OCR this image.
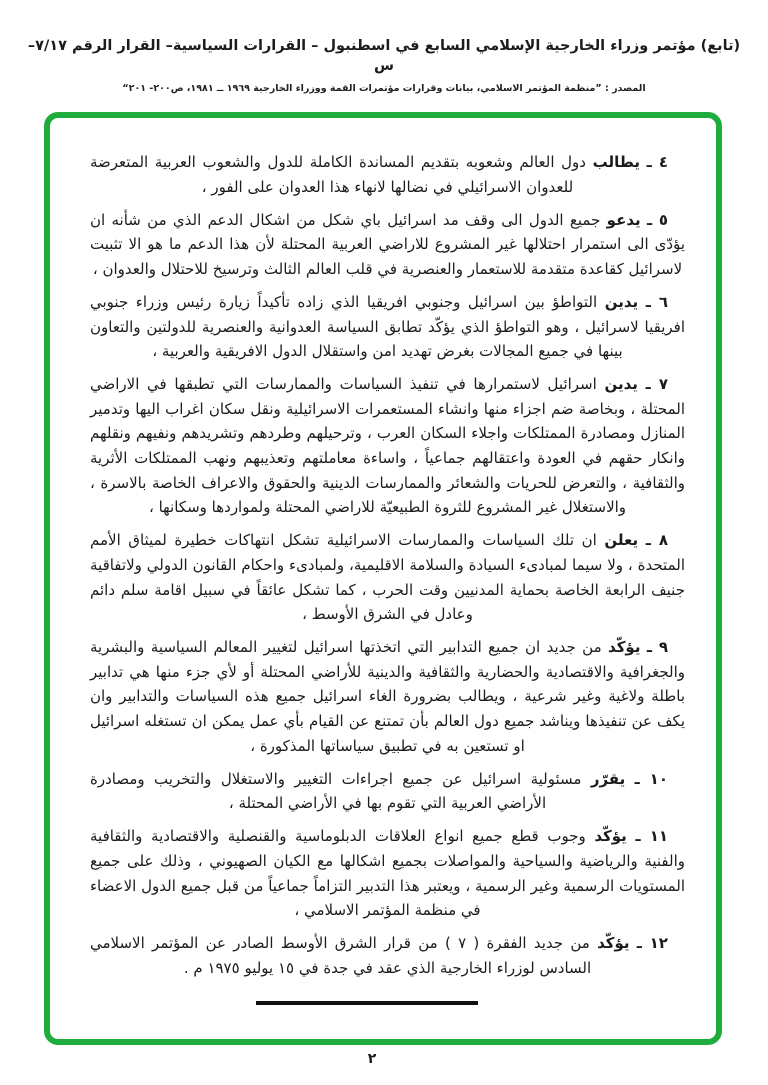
(تابع) مؤتمر وزراء الخارجية الإسلامي السابع في اسطنبول – القرارات السياسية– القرار الرقم ٧/١٧– س
المصدر : ”منظمة المؤتمر الاسلامي، بيانات وقرارات مؤتمرات القمة ووزراء الخارجية ١٩٦٩ ــ ١٩٨١، ص٢٠٠- ٢٠١“

٤ ـ يطالب دول العالم وشعوبه بتقديم المساندة الكاملة للدول والشعوب العربية المتعرضة للعدوان الاسرائيلي في نضالها لانهاء هذا العدوان على الفور ،

٥ ـ يدعو جميع الدول الى وقف مد اسرائيل باي شكل من اشكال الدعم الذي من شأنه ان يؤدّى الى استمرار احتلالها غير المشروع للاراضي العربية المحتلة لأن هذا الدعم ما هو الا تثبيت لاسرائيل كقاعدة متقدمة للاستعمار والعنصرية في قلب العالم الثالث وترسيخ للاحتلال والعدوان ،

٦ ـ يدين التواطؤ بين اسرائيل وجنوبي افريقيا الذي زاده تأكيداً زيارة رئيس وزراء جنوبي افريقيا لاسرائيل ، وهو التواطؤ الذي يؤكّد تطابق السياسة العدوانية والعنصرية للدولتين والتعاون بينها في جميع المجالات بغرض تهديد امن واستقلال الدول الافريقية والعربية ،

٧ ـ يدين اسرائيل لاستمرارها في تنفيذ السياسات والممارسات التي تطبقها في الاراضي المحتلة ، وبخاصة ضم اجزاء منها وانشاء المستعمرات الاسرائيلية ونقل سكان اغراب اليها وتدمير المنازل ومصادرة الممتلكات واجلاء السكان العرب ، وترحيلهم وطردهم وتشريدهم ونفيهم ونقلهم وانكار حقهم في العودة واعتقالهم جماعياً ، واساءة معاملتهم وتعذيبهم ونهب الممتلكات الأثرية والثقافية ، والتعرض للحريات والشعائر والممارسات الدينية والحقوق والاعراف الخاصة بالاسرة ، والاستغلال غير المشروع للثروة الطبيعيّة للاراضي المحتلة ولمواردها وسكانها ،

٨ ـ يعلن ان تلك السياسات والممارسات الاسرائيلية تشكل انتهاكات خطيرة لميثاق الأمم المتحدة ، ولا سيما لمبادىء السيادة والسلامة الاقليمية، ولمبادىء واحكام القانون الدولي ولاتفاقية جنيف الرابعة الخاصة بحماية المدنيين وقت الحرب ، كما تشكل عائقاً في سبيل اقامة سلم دائم وعادل في الشرق الأوسط ،

٩ ـ يؤكّد من جديد ان جميع التدابير التي اتخذتها اسرائيل لتغيير المعالم السياسية والبشرية والجغرافية والاقتصادية والحضارية والثقافية والدينية للأراضي المحتلة أو لأي جزء منها هي تدابير باطلة ولاغية وغير شرعية ، ويطالب بضرورة الغاء اسرائيل جميع هذه السياسات والتدابير وان يكف عن تنفيذها ويناشد جميع دول العالم بأن تمتنع عن القيام بأي عمل يمكن ان تستغله اسرائيل او تستعين به في تطبيق سياساتها المذكورة ،

١٠ ـ يقرّر مسئولية اسرائيل عن جميع اجراءات التغيير والاستغلال والتخريب ومصادرة الأراضي العربية التي تقوم بها في الأراضي المحتلة ،

١١ ـ يؤكّد وجوب قطع جميع انواع العلاقات الدبلوماسية والقنصلية والاقتصادية والثقافية والفنية والرياضية والسياحية والمواصلات بجميع اشكالها مع الكيان الصهيوني ، وذلك على جميع المستويات الرسمية وغير الرسمية ، ويعتبر هذا التدبير التزاماً جماعياً من قبل جميع الدول الاعضاء في منظمة المؤتمر الاسلامي ،

١٢ ـ يؤكّد من جديد الفقرة ( ٧ ) من قرار الشرق الأوسط الصادر عن المؤتمر الاسلامي السادس لوزراء الخارجية الذي عقد في جدة في ١٥ يوليو ١٩٧٥ م .

٢
